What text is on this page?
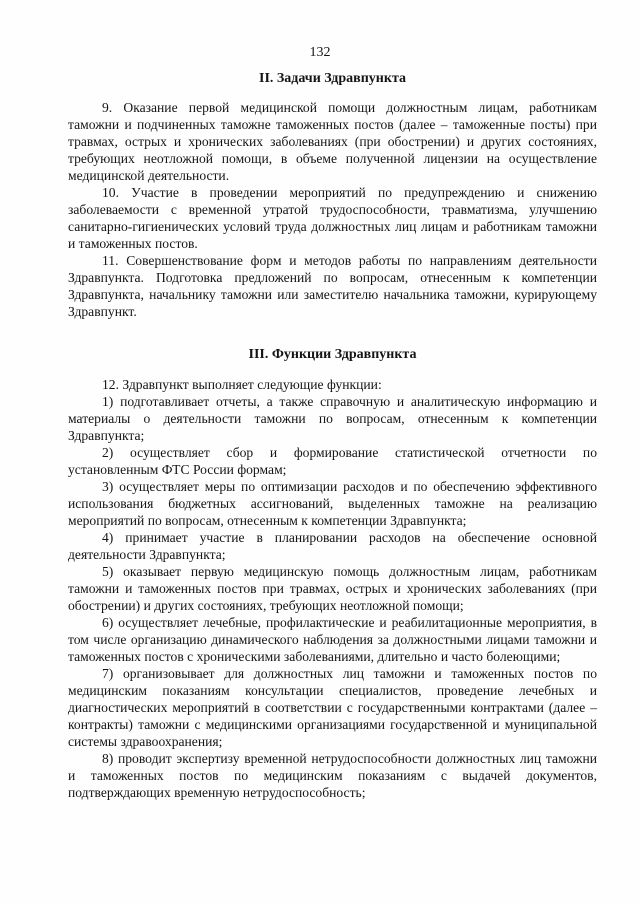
132
II. Задачи Здравпункта

9. Оказание первой медицинской помощи должностным лицам, работникам таможни и подчиненных таможне таможенных постов (далее – таможенные посты) при травмах, острых и хронических заболеваниях (при обострении) и других состояниях, требующих неотложной помощи, в объеме полученной лицензии на осуществление медицинской деятельности.

10. Участие в проведении мероприятий по предупреждению и снижению заболеваемости с временной утратой трудоспособности, травматизма, улучшению санитарно-гигиенических условий труда должностных лиц лицам и работникам таможни и таможенных постов.

11. Совершенствование форм и методов работы по направлениям деятельности Здравпункта. Подготовка предложений по вопросам, отнесенным к компетенции Здравпункта, начальнику таможни или заместителю начальника таможни, курирующему Здравпункт.

III. Функции Здравпункта

12. Здравпункт выполняет следующие функции:

1) подготавливает отчеты, а также справочную и аналитическую информацию и материалы о деятельности таможни по вопросам, отнесенным к компетенции Здравпункта;

2) осуществляет сбор и формирование статистической отчетности по установленным ФТС России формам;

3) осуществляет меры по оптимизации расходов и по обеспечению эффективного использования бюджетных ассигнований, выделенных таможне на реализацию мероприятий по вопросам, отнесенным к компетенции Здравпункта;

4) принимает участие в планировании расходов на обеспечение основной деятельности Здравпункта;

5) оказывает первую медицинскую помощь должностным лицам, работникам таможни и таможенных постов при травмах, острых и хронических заболеваниях (при обострении) и других состояниях, требующих неотложной помощи;

6) осуществляет лечебные, профилактические и реабилитационные мероприятия, в том числе организацию динамического наблюдения за должностными лицами таможни и таможенных постов с хроническими заболеваниями, длительно и часто болеющими;

7) организовывает для должностных лиц таможни и таможенных постов по медицинским показаниям консультации специалистов, проведение лечебных и диагностических мероприятий в соответствии с государственными контрактами (далее – контракты) таможни с медицинскими организациями государственной и муниципальной системы здравоохранения;

8) проводит экспертизу временной нетрудоспособности должностных лиц таможни и таможенных постов по медицинским показаниям с выдачей документов, подтверждающих временную нетрудоспособность;
